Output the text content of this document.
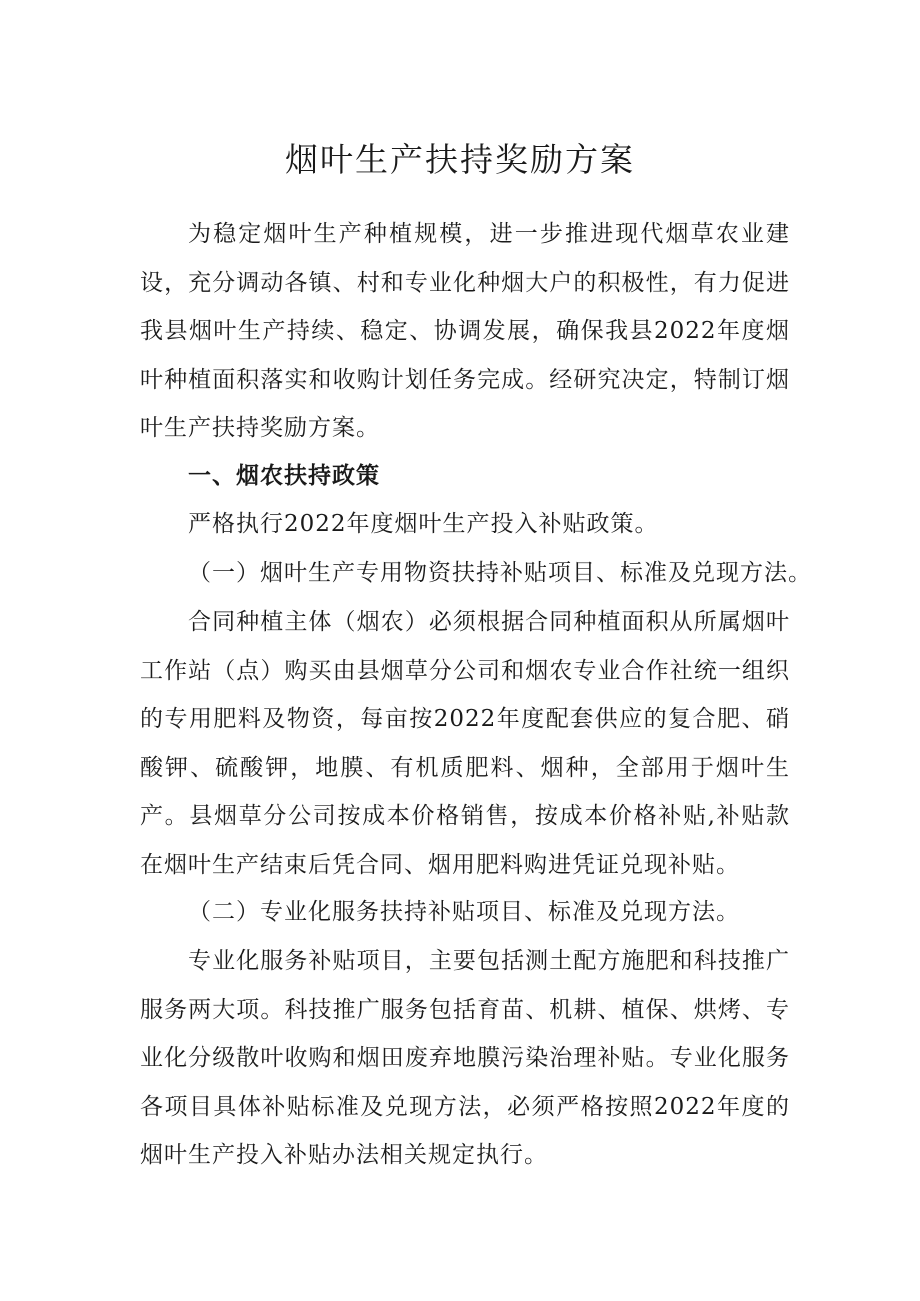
烟叶生产扶持奖励方案

为稳定烟叶生产种植规模，进一步推进现代烟草农业建设，充分调动各镇、村和专业化种烟大户的积极性，有力促进我县烟叶生产持续、稳定、协调发展，确保我县2022年度烟叶种植面积落实和收购计划任务完成。经研究决定，特制订烟叶生产扶持奖励方案。

一、烟农扶持政策

严格执行2022年度烟叶生产投入补贴政策。

（一）烟叶生产专用物资扶持补贴项目、标准及兑现方法。

合同种植主体（烟农）必须根据合同种植面积从所属烟叶工作站（点）购买由县烟草分公司和烟农专业合作社统一组织的专用肥料及物资，每亩按2022年度配套供应的复合肥、硝酸钾、硫酸钾，地膜、有机质肥料、烟种，全部用于烟叶生产。县烟草分公司按成本价格销售，按成本价格补贴,补贴款在烟叶生产结束后凭合同、烟用肥料购进凭证兑现补贴。

（二）专业化服务扶持补贴项目、标准及兑现方法。

专业化服务补贴项目，主要包括测土配方施肥和科技推广服务两大项。科技推广服务包括育苗、机耕、植保、烘烤、专业化分级散叶收购和烟田废弃地膜污染治理补贴。专业化服务各项目具体补贴标准及兑现方法，必须严格按照2022年度的烟叶生产投入补贴办法相关规定执行。
